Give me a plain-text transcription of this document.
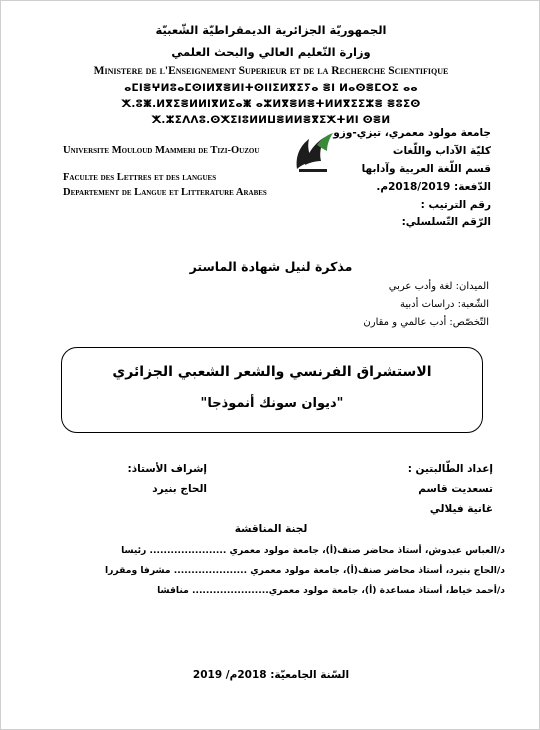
الجمهوريّة الجزائرية الديمقراطيّة الشّعبيّة
وزارة التّعليم العالي والبحث العلمي
Ministere de l'Enseignement Superieur et de la Recherche Scientifique
ⴰⵎⵏⴻⵖⵍⵓⴰⵎⵙⵏⵍⴳⴻⵍⵏⵜⵙⵏⵏⵉⵍⴳⵉⵢⴰ ⴻⵏ ⵍⴰⵙⴻⵎⵔⵉ ⴰⴰ
ⵅ.ⵓⵥ.ⵍⴳⵉⴻⵍⵍⵏⴳⵍⵉⴰⵥ ⴰⵣⵍⴳⴻⵍⴻⵜⵍⵍⴳⵉⵉⵣⴻ ⴻⵓⵉⵙ
ⵅ.ⵣⵉⴷⴷⵓ.ⵙⵅⵉⵏⵓⵍⵍⵡⴻⵍⵍⴻⴳⵉⵅⵜⵍⵏ ⵙⴻⵍ
Universite Mouloud Mammeri de Tizi-Ouzou
Faculte des Lettres et des langues
Departement de Langue et Litterature Arabes
جامعة مولود معمري، تيزي-وزو
كليّة الآداب واللّغات
قسم اللّغة العربية وآدابها
الدّفعة: 2018/2019م.
رقم الترتيب :
الرّقم التّسلسلي:
مذكرة لنيل شهادة الماستر
الميدان: لغة وأدب عربي
الشّعبة: دراسات أدبية
التّخصّص: أدب عالمي و مقارن
الاستشراق الفرنسي والشعر الشعبي الجزائري
"ديوان سونك أنموذجا"
إعداد الطّالبتين :
تسعديت قاسم
غانية فيلالي
إشراف الأستاذ:
الحاج بنيرد
لجنة المناقشة
د/العباس عبدوش، أستاذ محاضر صنف(أ)، جامعة مولود معمري ...................... رئيسا
د/الحاج بنيرد، أستاذ محاضر صنف(أ)، جامعة مولود معمري ..................... مشرفا ومقررا
د/أحمد خياط، أستاذ مساعدة (أ)، جامعة مولود معمري...................... مناقشا
السّنة الجامعيّة: 2018م/ 2019
